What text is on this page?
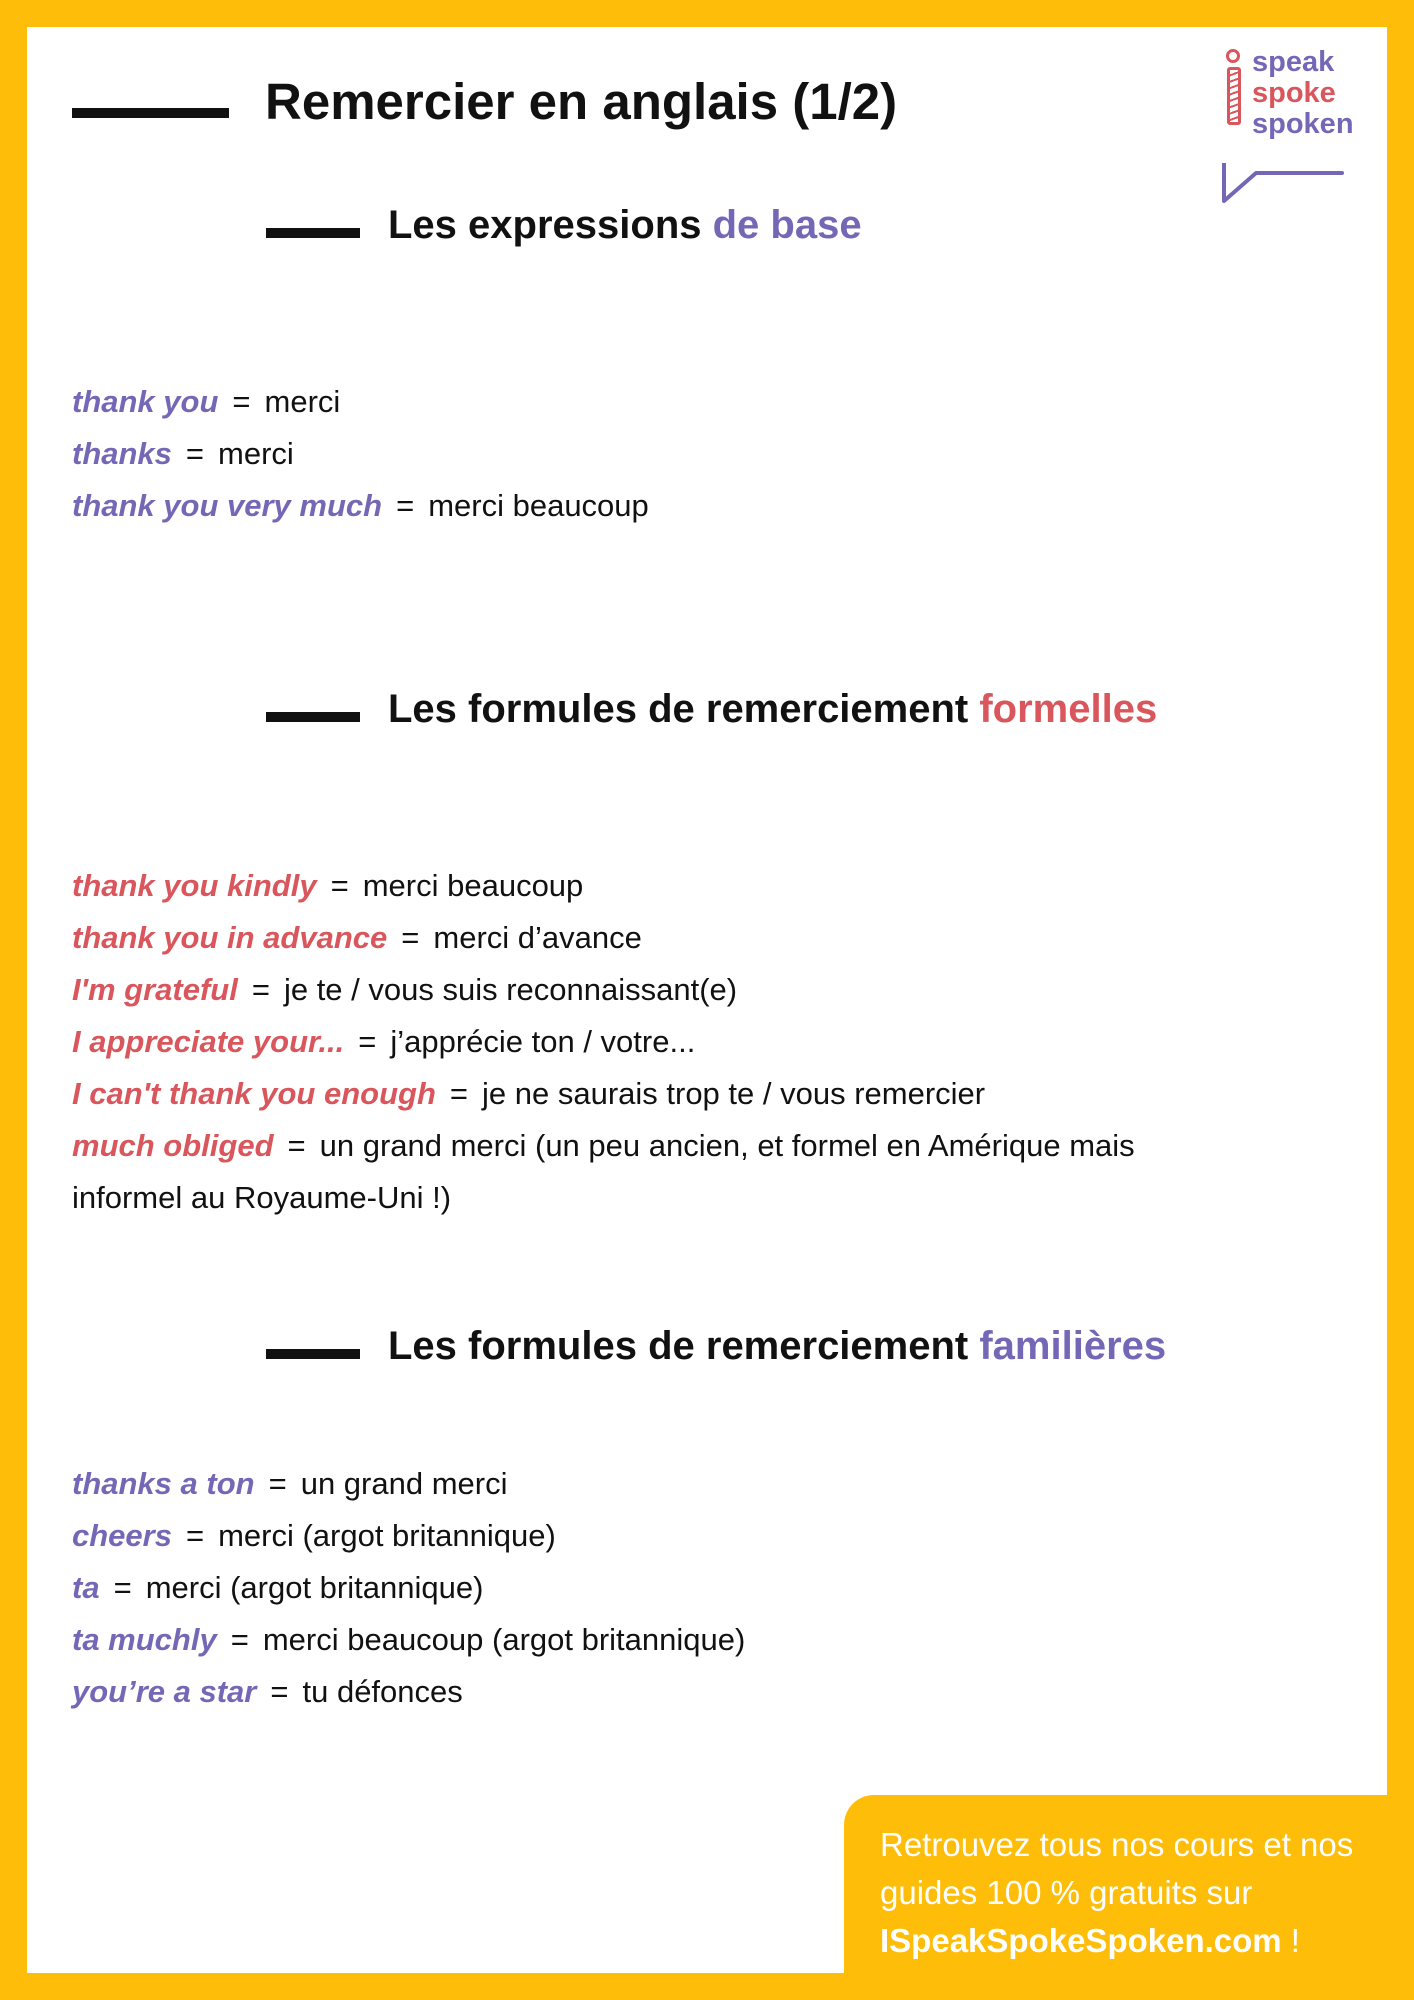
Remercier en anglais (1/2)
speak
spoke
spoken
Les expressions de base
thank you = merci
thanks = merci
thank you very much = merci beaucoup
Les formules de remerciement formelles
thank you kindly = merci beaucoup
thank you in advance = merci d’avance
I'm grateful = je te / vous suis reconnaissant(e)
I appreciate your... = j’apprécie ton / votre...
I can't thank you enough = je ne saurais trop te / vous remercier
much obliged = un grand merci (un peu ancien, et formel en Amérique mais informel au Royaume-Uni !)
Les formules de remerciement familières
thanks a ton = un grand merci
cheers = merci (argot britannique)
ta = merci (argot britannique)
ta muchly = merci beaucoup (argot britannique)
you’re a star = tu défonces

Retrouvez tous nos cours et nos guides 100 % gratuits sur ISpeakSpokeSpoken.com !
